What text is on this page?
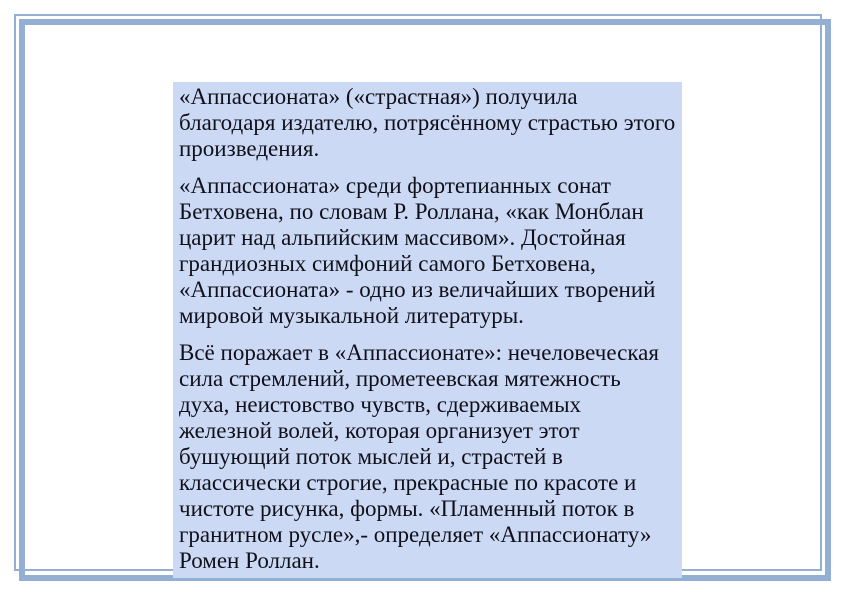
«Аппассионата» («страстная») получила благодаря издателю, потрясённому страстью этого произведения.

«Аппассионата» среди фортепианных сонат Бетховена, по словам Р. Роллана, «как Монблан царит над альпийским массивом». Достойная грандиозных симфоний самого Бетховена, «Аппассионата» - одно из величайших творений мировой музыкальной литературы.

Всё поражает в «Аппассионате»: нечеловеческая сила стремлений, прометеевская мятежность духа, неистовство чувств, сдерживаемых железной волей, которая организует этот бушующий поток мыслей и, страстей в классически строгие, прекрасные по красоте и чистоте рисунка, формы. «Пламенный поток в гранитном русле»,- определяет «Аппассионату» Ромен Роллан.
